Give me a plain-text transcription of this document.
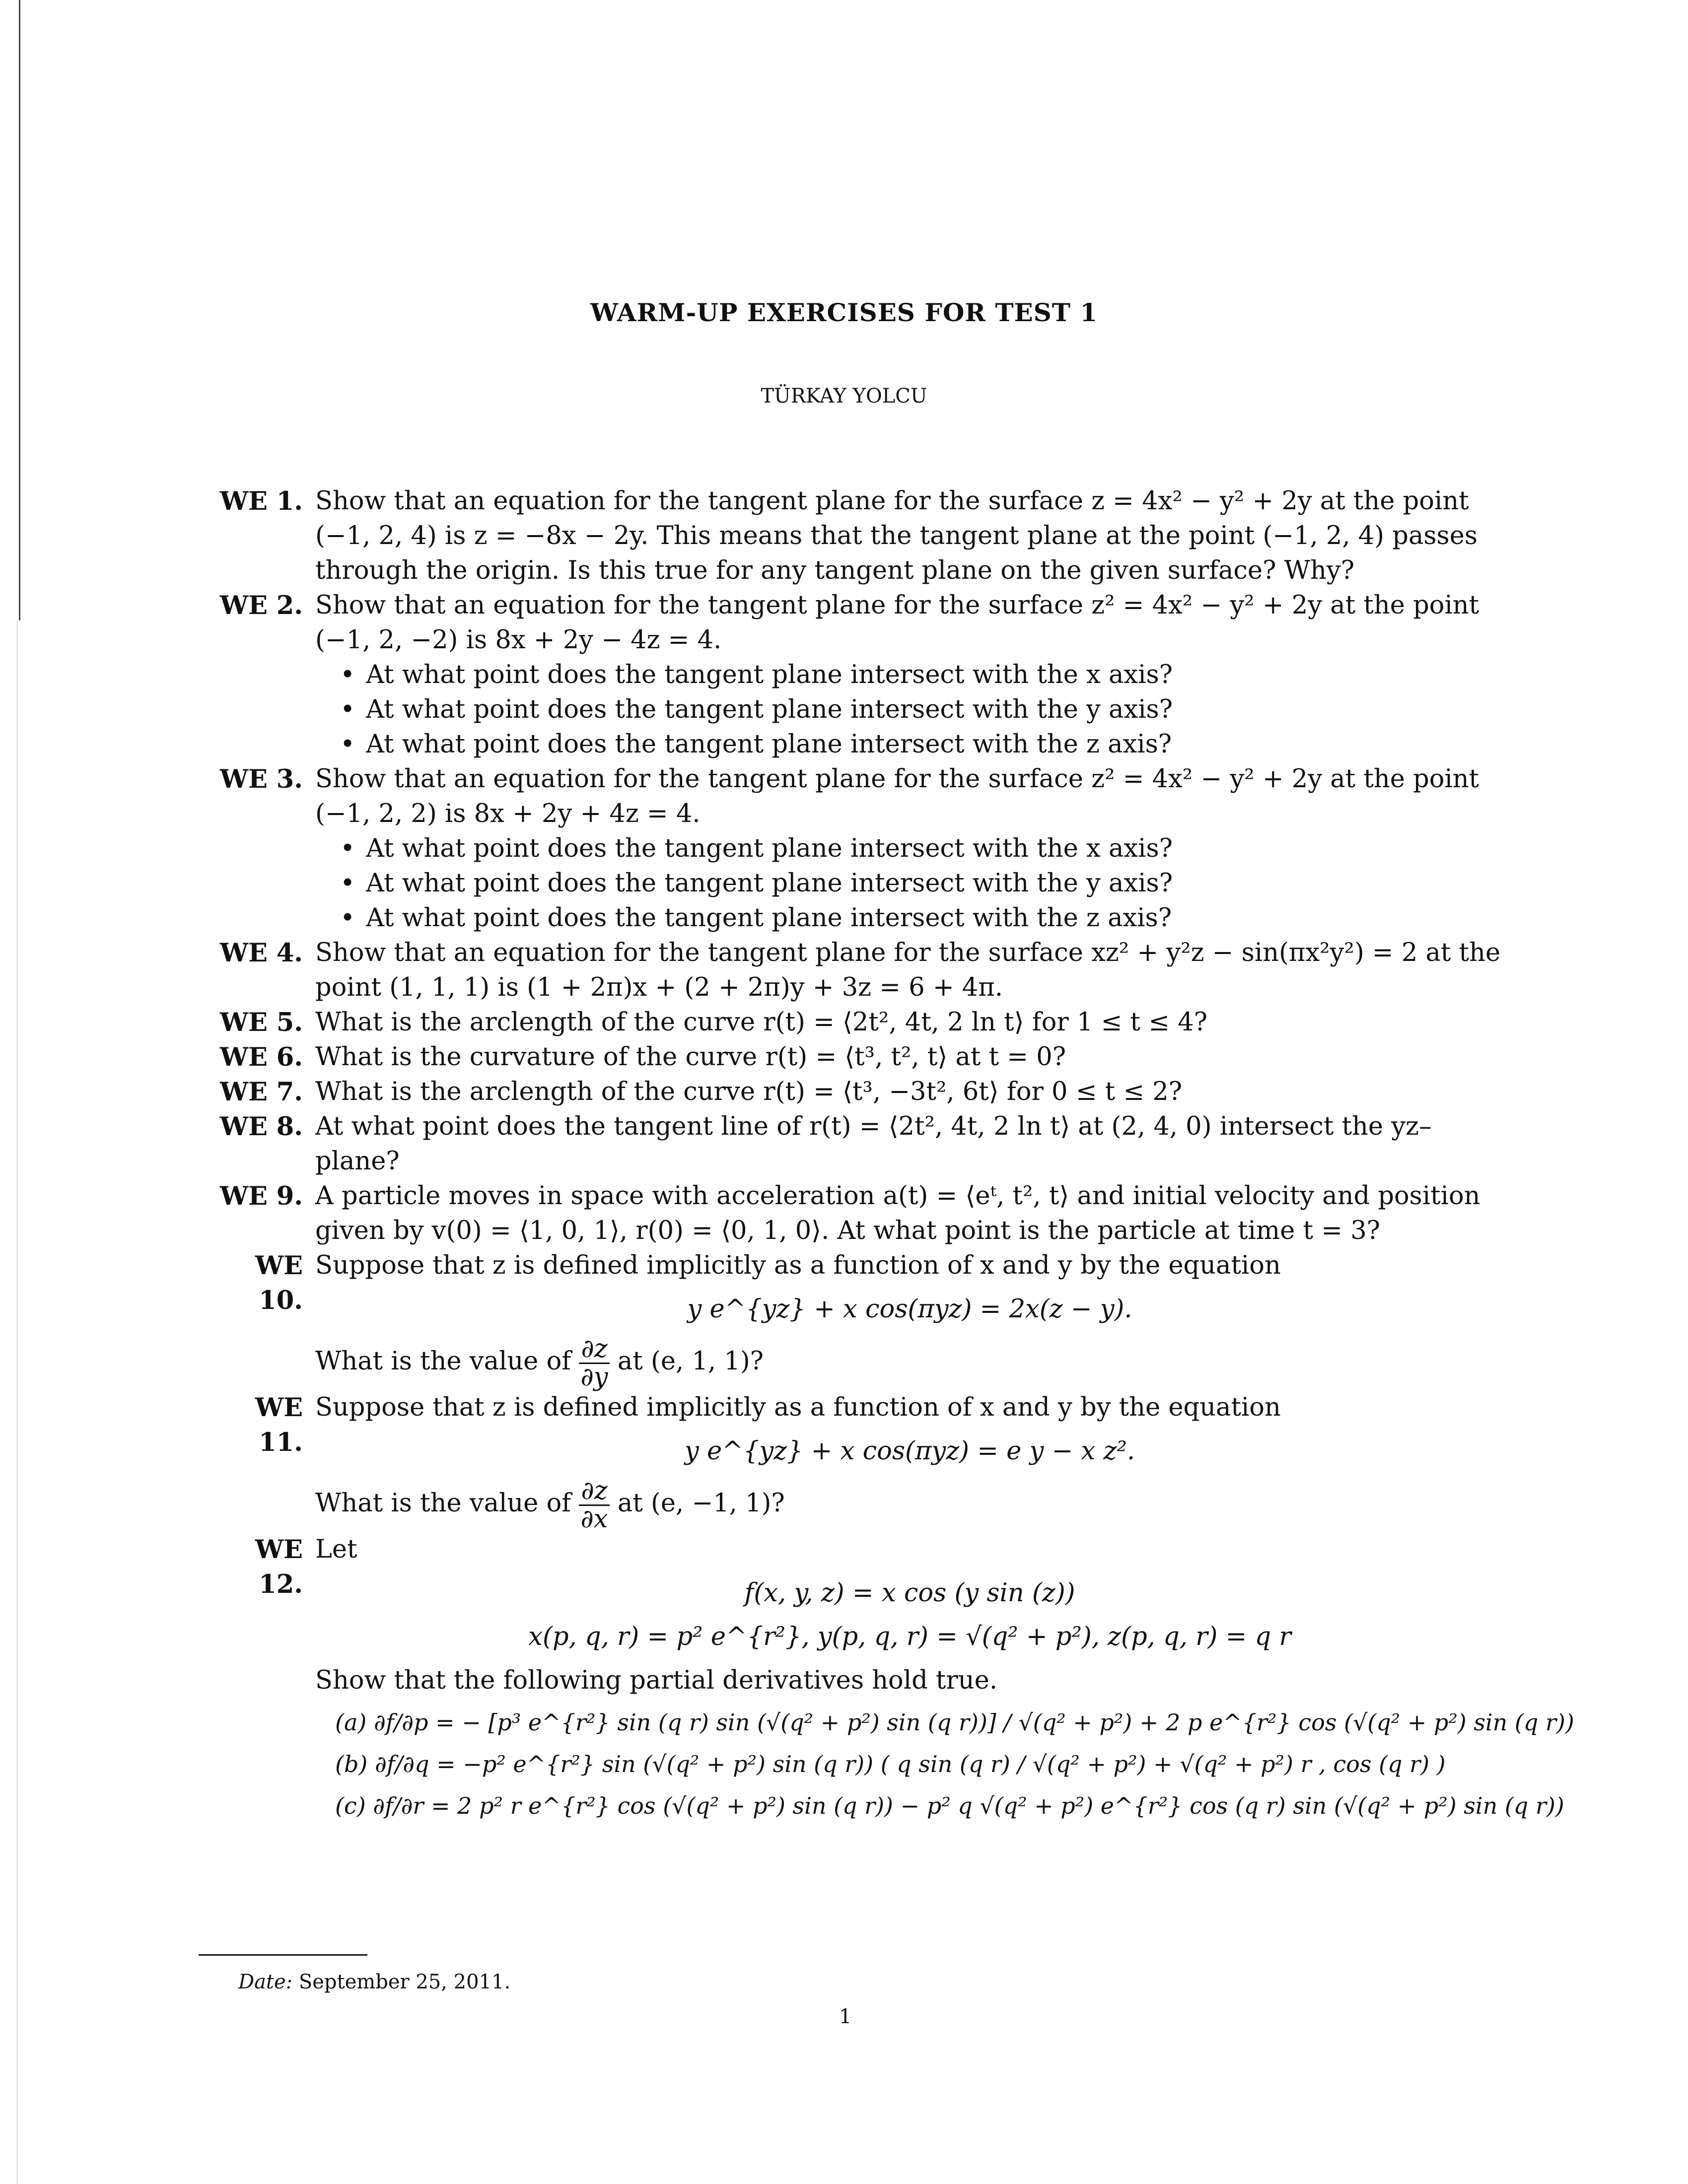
WARM-UP EXERCISES FOR TEST 1
TÜRKAY YOLCU
WE 1. Show that an equation for the tangent plane for the surface z = 4x² − y² + 2y at the point (−1, 2, 4) is z = −8x − 2y. This means that the tangent plane at the point (−1, 2, 4) passes through the origin. Is this true for any tangent plane on the given surface? Why?
WE 2. Show that an equation for the tangent plane for the surface z² = 4x² − y² + 2y at the point (−1, 2, −2) is 8x + 2y − 4z = 4.
• At what point does the tangent plane intersect with the x axis?
• At what point does the tangent plane intersect with the y axis?
• At what point does the tangent plane intersect with the z axis?
WE 3. Show that an equation for the tangent plane for the surface z² = 4x² − y² + 2y at the point (−1, 2, 2) is 8x + 2y + 4z = 4.
• At what point does the tangent plane intersect with the x axis?
• At what point does the tangent plane intersect with the y axis?
• At what point does the tangent plane intersect with the z axis?
WE 4. Show that an equation for the tangent plane for the surface xz² + y²z − sin(πx²y²) = 2 at the point (1, 1, 1) is (1 + 2π)x + (2 + 2π)y + 3z = 6 + 4π.
WE 5. What is the arclength of the curve r(t) = ⟨2t², 4t, 2 ln t⟩ for 1 ≤ t ≤ 4?
WE 6. What is the curvature of the curve r(t) = ⟨t³, t², t⟩ at t = 0?
WE 7. What is the arclength of the curve r(t) = ⟨t³, −3t², 6t⟩ for 0 ≤ t ≤ 2?
WE 8. At what point does the tangent line of r(t) = ⟨2t², 4t, 2 ln t⟩ at (2, 4, 0) intersect the yz–plane?
WE 9. A particle moves in space with acceleration a(t) = ⟨eᵗ, t², t⟩ and initial velocity and position given by v(0) = ⟨1, 0, 1⟩, r(0) = ⟨0, 1, 0⟩. At what point is the particle at time t = 3?
WE 10.
Suppose that z is defined implicitly as a function of x and y by the equation
y e^{yz} + x cos(πyz) = 2x(z − y).
What is the value of $\frac{\partial z}{\partial y}$ at (e, 1, 1)?
WE 11.
Suppose that z is defined implicitly as a function of x and y by the equation
y e^{yz} + x cos(πyz) = e y − x z².
What is the value of $\frac{\partial z}{\partial x}$ at (e, −1, 1)?
WE 12.
Let
f(x, y, z) = x cos (y sin (z))
x(p, q, r) = p² e^{r²}, y(p, q, r) = √(q² + p²), z(p, q, r) = q r
Show that the following partial derivatives hold true.
(a) ∂f/∂p = − [p³ e^{r²} sin (q r) sin (√(q² + p²) sin (q r))] / √(q² + p²) + 2 p e^{r²} cos (√(q² + p²) sin (q r))
(b) ∂f/∂q = −p² e^{r²} sin (√(q² + p²) sin (q r)) ( q sin (q r) / √(q² + p²) + √(q² + p²) r , cos (q r) )
(c) ∂f/∂r = 2 p² r e^{r²} cos (√(q² + p²) sin (q r)) − p² q √(q² + p²) e^{r²} cos (q r) sin (√(q² + p²) sin (q r))
Date: September 25, 2011.
1
